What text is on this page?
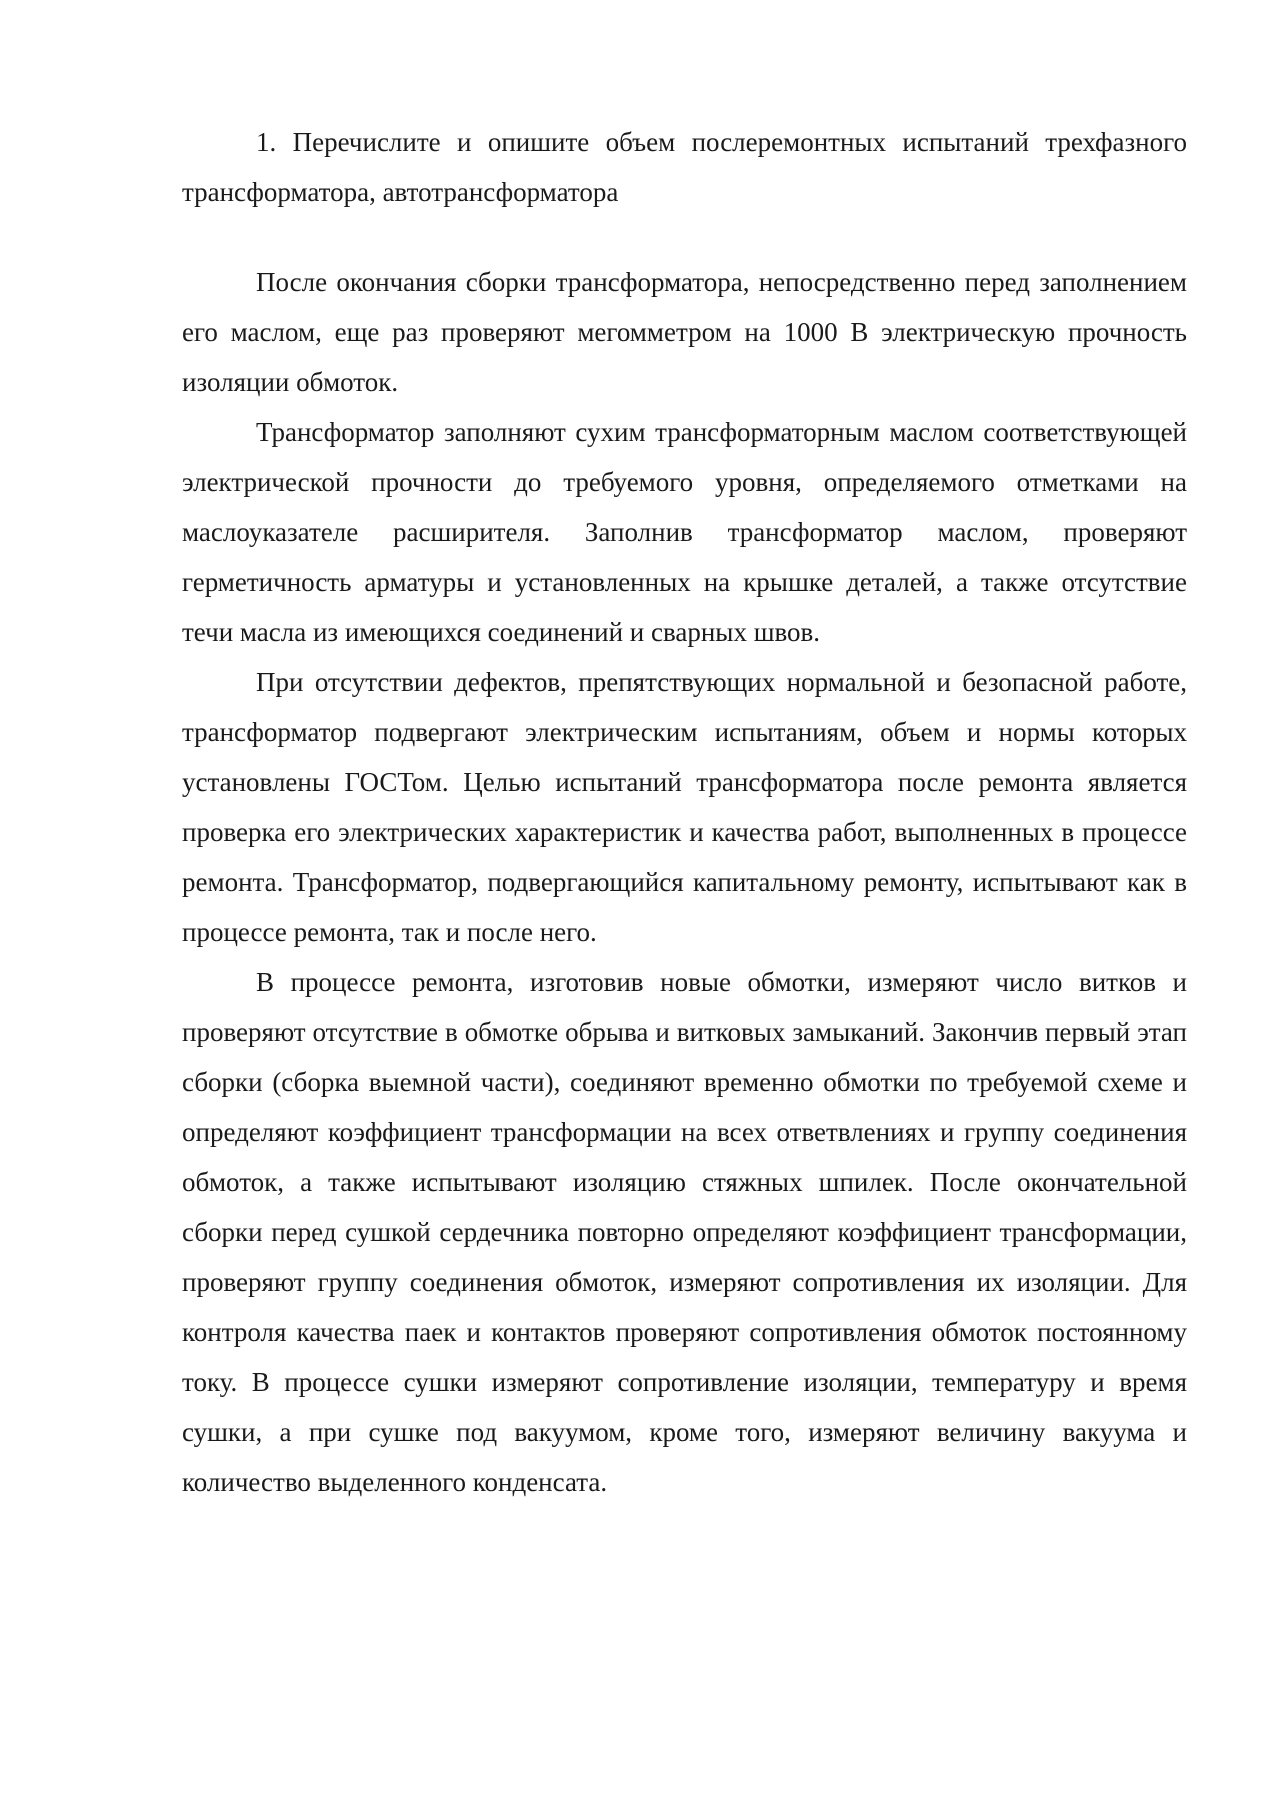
1. Перечислите и опишите объем послеремонтных испытаний трехфазного трансформатора, автотрансформатора

После окончания сборки трансформатора, непосредственно перед заполнением его маслом, еще раз проверяют мегомметром на 1000 В электрическую прочность изоляции обмоток.

Трансформатор заполняют сухим трансформаторным маслом соответствующей электрической прочности до требуемого уровня, определяемого отметками на маслоуказателе расширителя. Заполнив трансформатор маслом, проверяют герметичность арматуры и установленных на крышке деталей, а также отсутствие течи масла из имеющихся соединений и сварных швов.

При отсутствии дефектов, препятствующих нормальной и безопасной работе, трансформатор подвергают электрическим испытаниям, объем и нормы которых установлены ГОСТом. Целью испытаний трансформатора после ремонта является проверка его электрических характеристик и качества работ, выполненных в процессе ремонта. Трансформатор, подвергающийся капитальному ремонту, испытывают как в процессе ремонта, так и после него.

В процессе ремонта, изготовив новые обмотки, измеряют число витков и проверяют отсутствие в обмотке обрыва и витковых замыканий. Закончив первый этап сборки (сборка выемной части), соединяют временно обмотки по требуемой схеме и определяют коэффициент трансформации на всех ответвлениях и группу соединения обмоток, а также испытывают изоляцию стяжных шпилек. После окончательной сборки перед сушкой сердечника повторно определяют коэффициент трансформации, проверяют группу соединения обмоток, измеряют сопротивления их изоляции. Для контроля качества паек и контактов проверяют сопротивления обмоток постоянному току. В процессе сушки измеряют сопротивление изоляции, температуру и время сушки, а при сушке под вакуумом, кроме того, измеряют величину вакуума и количество выделенного конденсата.
